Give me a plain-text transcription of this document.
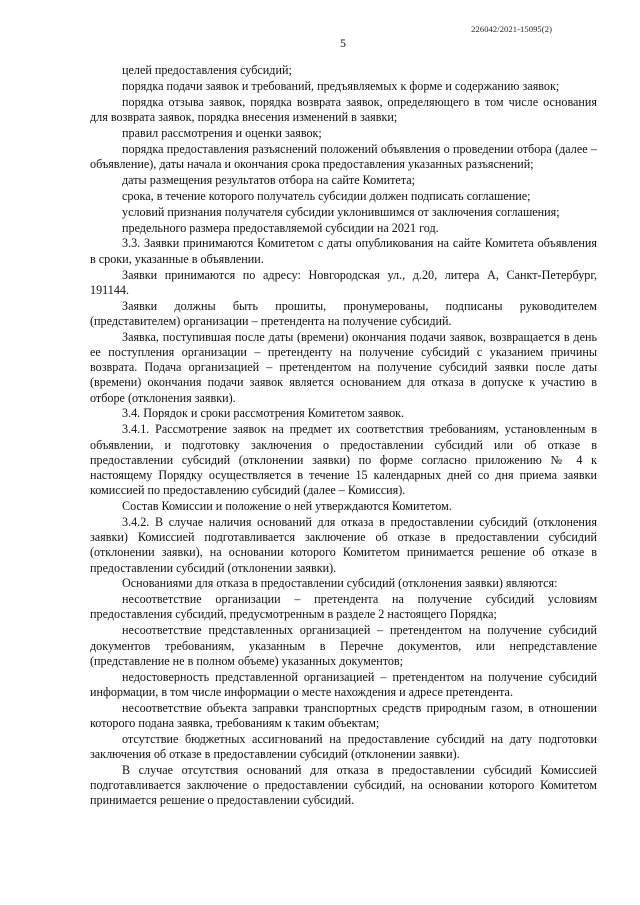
226042/2021-15095(2)
5

целей предоставления субсидий;

порядка подачи заявок и требований, предъявляемых к форме и содержанию заявок;

порядка отзыва заявок, порядка возврата заявок, определяющего в том числе основания для возврата заявок, порядка внесения изменений в заявки;

правил рассмотрения и оценки заявок;

порядка предоставления разъяснений положений объявления о проведении отбора (далее – объявление), даты начала и окончания срока предоставления указанных разъяснений;

даты размещения результатов отбора на сайте Комитета;

срока, в течение которого получатель субсидии должен подписать соглашение;

условий признания получателя субсидии уклонившимся от заключения соглашения;

предельного размера предоставляемой субсидии на 2021 год.

3.3. Заявки принимаются Комитетом с даты опубликования на сайте Комитета объявления в сроки, указанные в объявлении.

Заявки принимаются по адресу: Новгородская ул., д.20, литера А, Санкт-Петербург, 191144.

Заявки должны быть прошиты, пронумерованы, подписаны руководителем (представителем) организации – претендента на получение субсидий.

Заявка, поступившая после даты (времени) окончания подачи заявок, возвращается в день ее поступления организации – претенденту на получение субсидий с указанием причины возврата. Подача организацией – претендентом на получение субсидий заявки после даты (времени) окончания подачи заявок является основанием для отказа в допуске к участию в отборе (отклонения заявки).

3.4. Порядок и сроки рассмотрения Комитетом заявок.

3.4.1. Рассмотрение заявок на предмет их соответствия требованиям, установленным в объявлении, и подготовку заключения о предоставлении субсидий или об отказе в предоставлении субсидий (отклонении заявки) по форме согласно приложению № 4 к настоящему Порядку осуществляется в течение 15 календарных дней со дня приема заявки комиссией по предоставлению субсидий (далее – Комиссия).

Состав Комиссии и положение о ней утверждаются Комитетом.

3.4.2. В случае наличия оснований для отказа в предоставлении субсидий (отклонения заявки) Комиссией подготавливается заключение об отказе в предоставлении субсидий (отклонении заявки), на основании которого Комитетом принимается решение об отказе в предоставлении субсидий (отклонении заявки).

Основаниями для отказа в предоставлении субсидий (отклонения заявки) являются:

несоответствие организации – претендента на получение субсидий условиям предоставления субсидий, предусмотренным в разделе 2 настоящего Порядка;

несоответствие представленных организацией – претендентом на получение субсидий документов требованиям, указанным в Перечне документов, или непредставление (представление не в полном объеме) указанных документов;

недостоверность представленной организацией – претендентом на получение субсидий информации, в том числе информации о месте нахождения и адресе претендента.

несоответствие объекта заправки транспортных средств природным газом, в отношении которого подана заявка, требованиям к таким объектам;

отсутствие бюджетных ассигнований на предоставление субсидий на дату подготовки заключения об отказе в предоставлении субсидий (отклонении заявки).

В случае отсутствия оснований для отказа в предоставлении субсидий Комиссией подготавливается заключение о предоставлении субсидий, на основании которого Комитетом принимается решение о предоставлении субсидий.
